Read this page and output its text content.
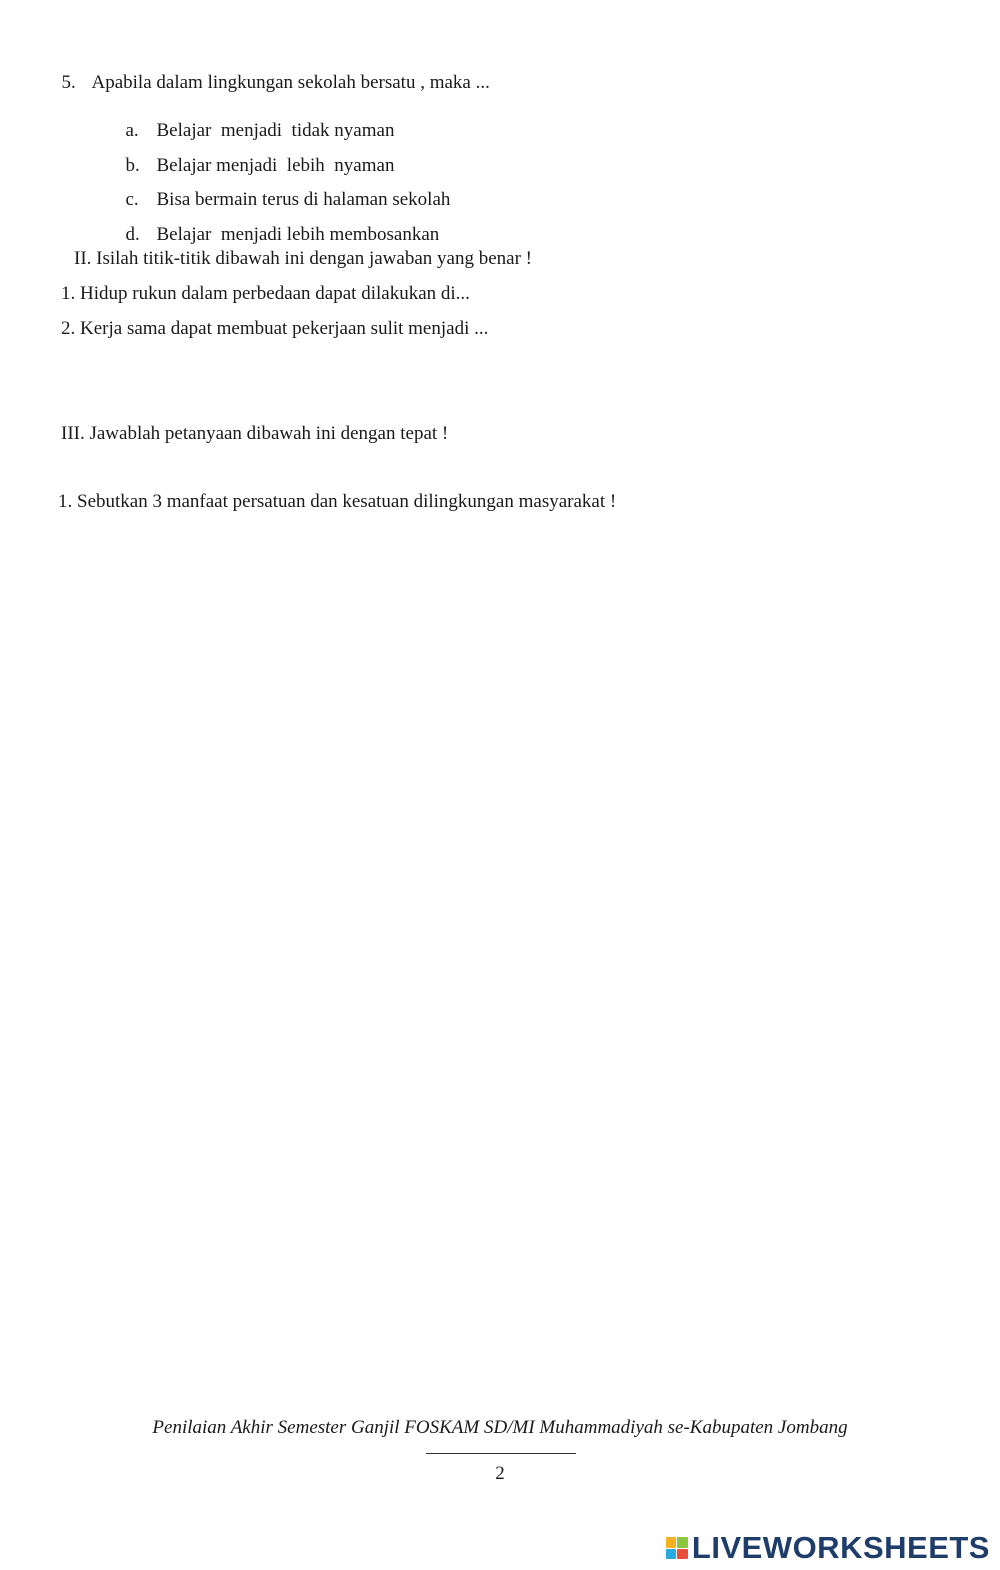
5. Apabila dalam lingkungan sekolah bersatu , maka ...

a. Belajar  menjadi  tidak nyaman

b. Belajar menjadi  lebih  nyaman

c. Bisa bermain terus di halaman sekolah

d. Belajar  menjadi lebih membosankan

II. Isilah titik-titik dibawah ini dengan jawaban yang benar !
1. Hidup rukun dalam perbedaan dapat dilakukan di...
2. Kerja sama dapat membuat pekerjaan sulit menjadi ...
III. Jawablah petanyaan dibawah ini dengan tepat !
1. Sebutkan 3 manfaat persatuan dan kesatuan dilingkungan masyarakat !
Penilaian Akhir Semester Ganjil FOSKAM SD/MI Muhammadiyah se-Kabupaten Jombang
2
LIVEWORKSHEETS
